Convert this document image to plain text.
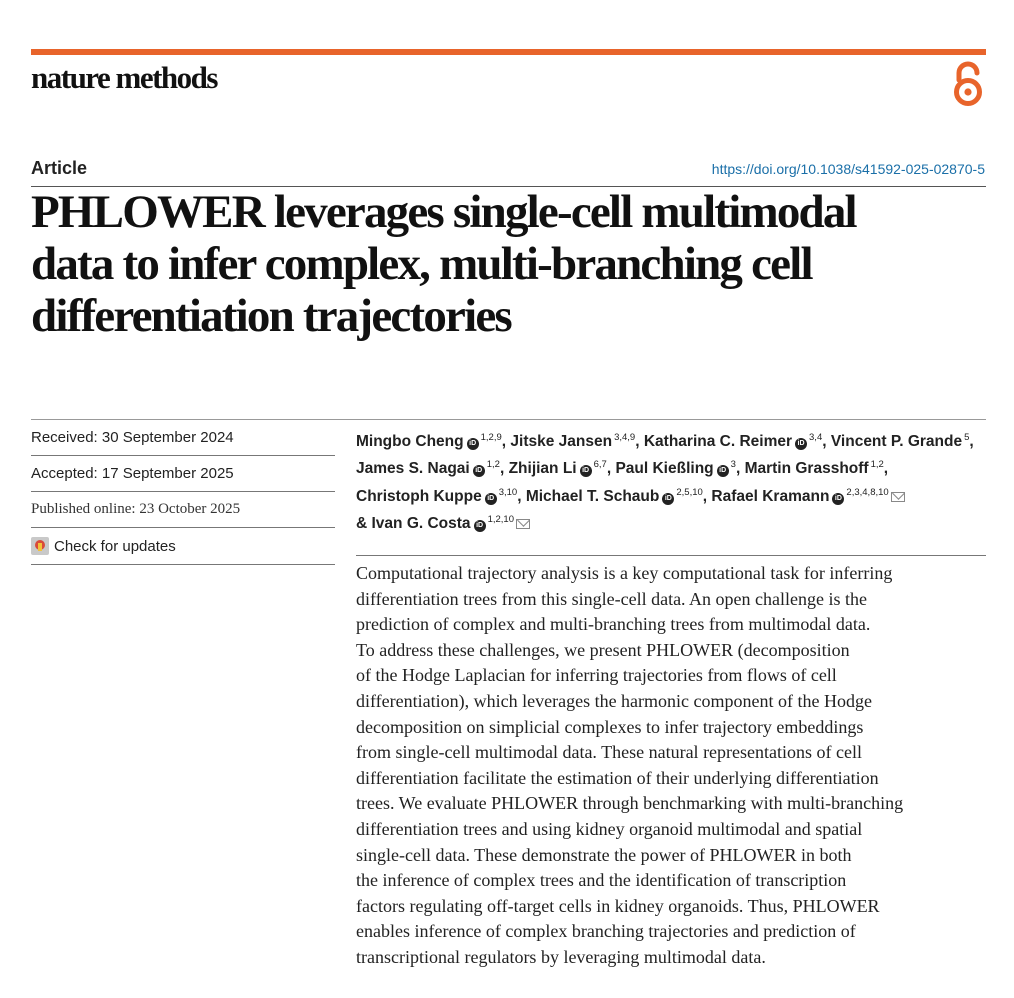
nature methods
Article	https://doi.org/10.1038/s41592-025-02870-5
PHLOWER leverages single-cell multimodal
data to infer complex, multi-branching cell
differentiation trajectories
Received: 30 September 2024
Accepted: 17 September 2025
Published online: 23 October 2025
Check for updates
Mingbo Cheng iD$^{1,2,9}$, Jitske Jansen $^{3,4,9}$, Katharina C. Reimer iD$^{3,4}$, Vincent P. Grande $^5$,
James S. Nagai iD$^{1,2}$, Zhijian Li iD$^{6,7}$, Paul Kießling iD$^3$, Martin Grasshoff $^{1,2}$,
Christoph Kuppe iD$^{3,10}$, Michael T. Schaub iD$^{2,5,10}$, Rafael Kramann iD$^{2,3,4,8,10}$
& Ivan G. Costa iD$^{1,2,10}$
Computational trajectory analysis is a key computational task for inferring
differentiation trees from this single-cell data. An open challenge is the
prediction of complex and multi-branching trees from multimodal data.
To address these challenges, we present PHLOWER (decomposition
of the Hodge Laplacian for inferring trajectories from flows of cell
differentiation), which leverages the harmonic component of the Hodge
decomposition on simplicial complexes to infer trajectory embeddings
from single-cell multimodal data. These natural representations of cell
differentiation facilitate the estimation of their underlying differentiation
trees. We evaluate PHLOWER through benchmarking with multi-branching
differentiation trees and using kidney organoid multimodal and spatial
single-cell data. These demonstrate the power of PHLOWER in both
the inference of complex trees and the identification of transcription
factors regulating off-target cells in kidney organoids. Thus, PHLOWER
enables inference of complex branching trajectories and prediction of
transcriptional regulators by leveraging multimodal data.
